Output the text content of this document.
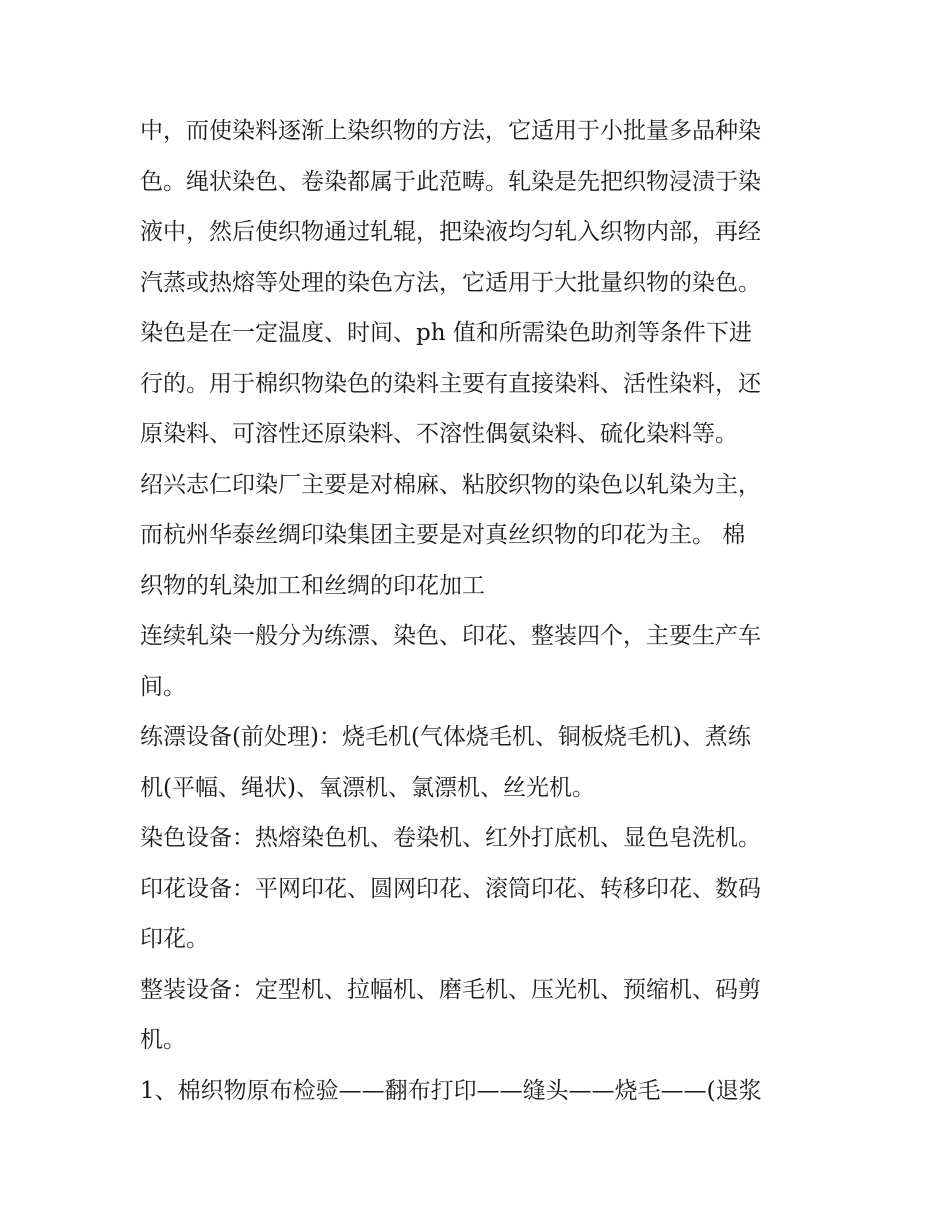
中，而使染料逐渐上染织物的方法，它适用于小批量多品种染
色。绳状染色、卷染都属于此范畴。轧染是先把织物浸渍于染
液中，然后使织物通过轧辊，把染液均匀轧入织物内部，再经
汽蒸或热熔等处理的染色方法，它适用于大批量织物的染色。
染色是在一定温度、时间、ph 值和所需染色助剂等条件下进
行的。用于棉织物染色的染料主要有直接染料、活性染料，还
原染料、可溶性还原染料、不溶性偶氨染料、硫化染料等。
绍兴志仁印染厂主要是对棉麻、粘胶织物的染色以轧染为主，
而杭州华泰丝绸印染集团主要是对真丝织物的印花为主。 棉
织物的轧染加工和丝绸的印花加工
连续轧染一般分为练漂、染色、印花、整装四个，主要生产车
间。
练漂设备(前处理)：烧毛机(气体烧毛机、铜板烧毛机)、煮练
机(平幅、绳状)、氧漂机、氯漂机、丝光机。
染色设备：热熔染色机、卷染机、红外打底机、显色皂洗机。
印花设备：平网印花、圆网印花、滚筒印花、转移印花、数码
印花。
整装设备：定型机、拉幅机、磨毛机、压光机、预缩机、码剪
机。
1、棉织物原布检验——翻布打印——缝头——烧毛——(退浆
